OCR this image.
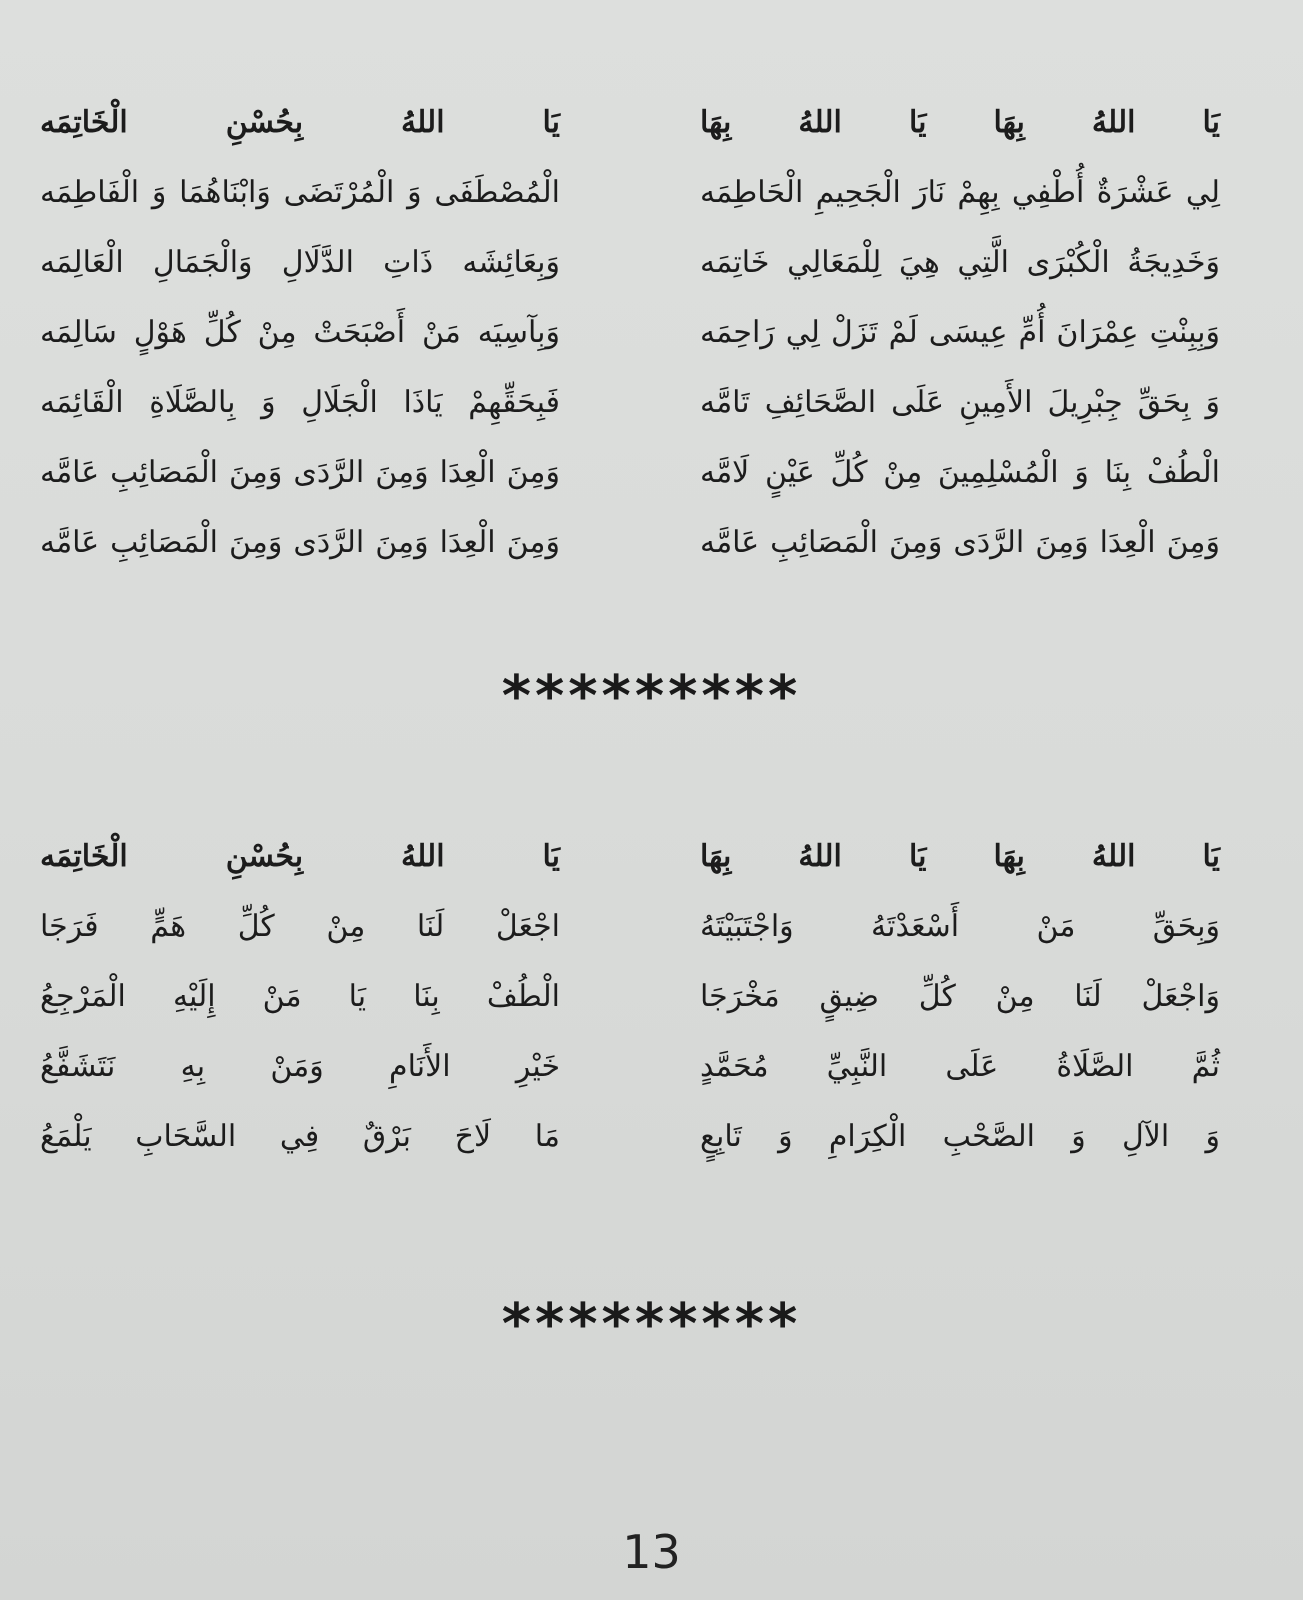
يَا اللهُ بِهَا يَا اللهُ بِهَا
يَا اللهُ بِحُسْنِ الْخَاتِمَه
لِي عَشْرَةٌ أُطْفِي بِهِمْ نَارَ الْجَحِيمِ الْحَاطِمَه
الْمُصْطَفَى وَ الْمُرْتَضَى وَابْنَاهُمَا وَ الْفَاطِمَه
وَخَدِيجَةُ الْكُبْرَى الَّتِي هِيَ لِلْمَعَالِي خَاتِمَه
وَبِعَائِشَه ذَاتِ الدَّلَالِ وَالْجَمَالِ الْعَالِمَه
وَبِبِنْتِ عِمْرَانَ أُمِّ عِيسَى لَمْ تَزَلْ لِي رَاحِمَه
وَبِآسِيَه مَنْ أَصْبَحَتْ مِنْ كُلِّ هَوْلٍ سَالِمَه
وَ بِحَقِّ جِبْرِيلَ الأَمِينِ عَلَى الصَّحَائِفِ تَامَّه
فَبِحَقِّهِمْ يَاذَا الْجَلَالِ وَ بِالصَّلَاةِ الْقَائِمَه
الْطُفْ بِنَا وَ الْمُسْلِمِينَ مِنْ كُلِّ عَيْنٍ لَامَّه
وَمِنَ الْعِدَا وَمِنَ الرَّدَى وَمِنَ الْمَصَائِبِ عَامَّه
وَمِنَ الْعِدَا وَمِنَ الرَّدَى وَمِنَ الْمَصَائِبِ عَامَّه
وَمِنَ الْعِدَا وَمِنَ الرَّدَى وَمِنَ الْمَصَائِبِ عَامَّه
*********
يَا اللهُ بِهَا يَا اللهُ بِهَا
يَا اللهُ بِحُسْنِ الْخَاتِمَه
وَبِحَقِّ مَنْ أَسْعَدْتَهُ وَاجْتَبَيْتَهُ
اجْعَلْ لَنَا مِنْ كُلِّ هَمٍّ فَرَجَا
وَاجْعَلْ لَنَا مِنْ كُلِّ ضِيقٍ مَخْرَجَا
الْطُفْ بِنَا يَا مَنْ إِلَيْهِ الْمَرْجِعُ
ثُمَّ الصَّلَاةُ عَلَى النَّبِيِّ مُحَمَّدٍ
خَيْرِ الأَنَامِ وَمَنْ بِهِ نَتَشَفَّعُ
وَ الآلِ وَ الصَّحْبِ الْكِرَامِ وَ تَابِعٍ
مَا لَاحَ بَرْقٌ فِي السَّحَابِ يَلْمَعُ
*********
13
